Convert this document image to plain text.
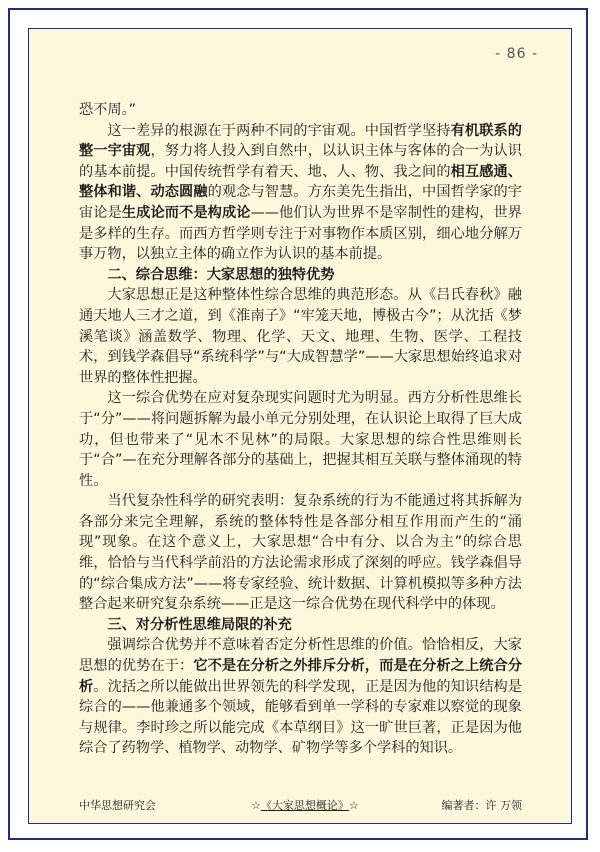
- 86 -

恐不周。”

这一差异的根源在于两种不同的宇宙观。中国哲学坚持有机联系的整一宇宙观，努力将人投入到自然中，以认识主体与客体的合一为认识的基本前提。中国传统哲学有着天、地、人、物、我之间的相互感通、整体和谐、动态圆融的观念与智慧。方东美先生指出，中国哲学家的宇宙论是生成论而不是构成论——他们认为世界不是宰制性的建构，世界是多样的生存。而西方哲学则专注于对事物作本质区别，细心地分解万事万物，以独立主体的确立作为认识的基本前提。

二、综合思维：大家思想的独特优势

大家思想正是这种整体性综合思维的典范形态。从《吕氏春秋》融通天地人三才之道，到《淮南子》“牢笼天地，博极古今”；从沈括《梦溪笔谈》涵盖数学、物理、化学、天文、地理、生物、医学、工程技术，到钱学森倡导“系统科学”与“大成智慧学”——大家思想始终追求对世界的整体性把握。

这一综合优势在应对复杂现实问题时尤为明显。西方分析性思维长于“分”——将问题拆解为最小单元分别处理，在认识论上取得了巨大成功，但也带来了“见木不见林”的局限。大家思想的综合性思维则长于“合”—在充分理解各部分的基础上，把握其相互关联与整体涌现的特性。

当代复杂性科学的研究表明：复杂系统的行为不能通过将其拆解为各部分来完全理解，系统的整体特性是各部分相互作用而产生的“涌现”现象。在这个意义上，大家思想“合中有分、以合为主”的综合思维，恰恰与当代科学前沿的方法论需求形成了深刻的呼应。钱学森倡导的“综合集成方法”——将专家经验、统计数据、计算机模拟等多种方法整合起来研究复杂系统——正是这一综合优势在现代科学中的体现。

三、对分析性思维局限的补充

强调综合优势并不意味着否定分析性思维的价值。恰恰相反，大家思想的优势在于：它不是在分析之外排斥分析，而是在分析之上统合分析。沈括之所以能做出世界领先的科学发现，正是因为他的知识结构是综合的——他兼通多个领域，能够看到单一学科的专家难以察觉的现象与规律。李时珍之所以能完成《本草纲目》这一旷世巨著，正是因为他综合了药物学、植物学、动物学、矿物学等多个学科的知识。

中华思想研究会	☆《大家思想概论》☆	编著者：许 万领
